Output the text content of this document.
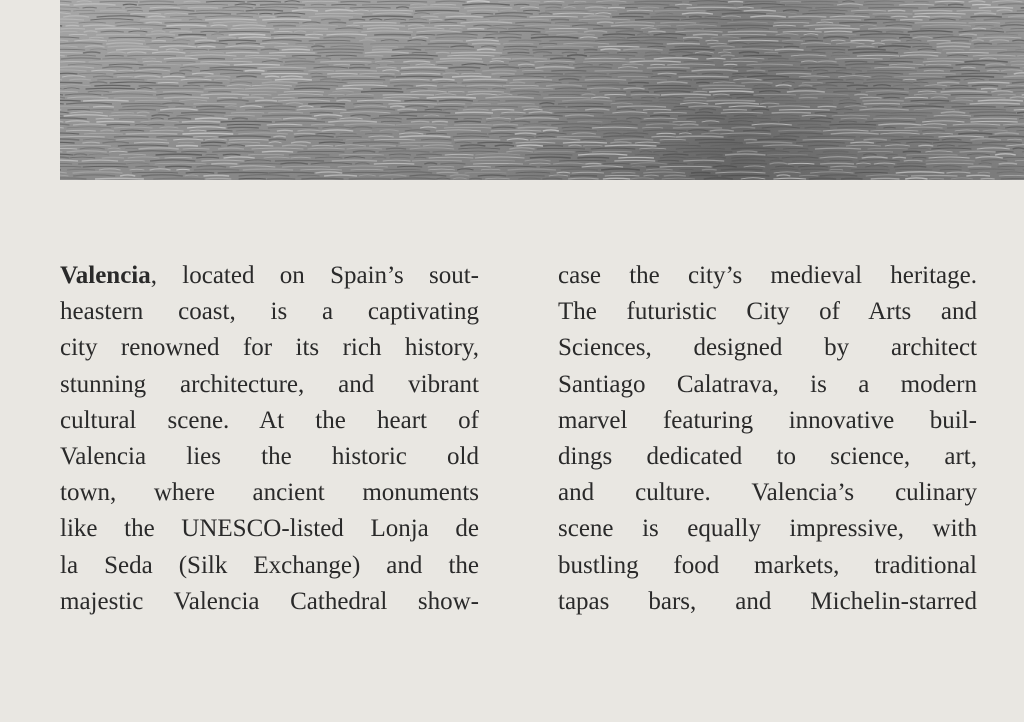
Valencia, located on Spain’s sout-
heastern coast, is a captivating
city renowned for its rich history,
stunning architecture, and vibrant
cultural scene. At the heart of
Valencia lies the historic old
town, where ancient monuments
like the UNESCO-listed Lonja de
la Seda (Silk Exchange) and the
majestic Valencia Cathedral show-
case the city’s medieval heritage.
The futuristic City of Arts and
Sciences, designed by architect
Santiago Calatrava, is a modern
marvel featuring innovative buil-
dings dedicated to science, art,
and culture. Valencia’s culinary
scene is equally impressive, with
bustling food markets, traditional
tapas bars, and Michelin-starred
